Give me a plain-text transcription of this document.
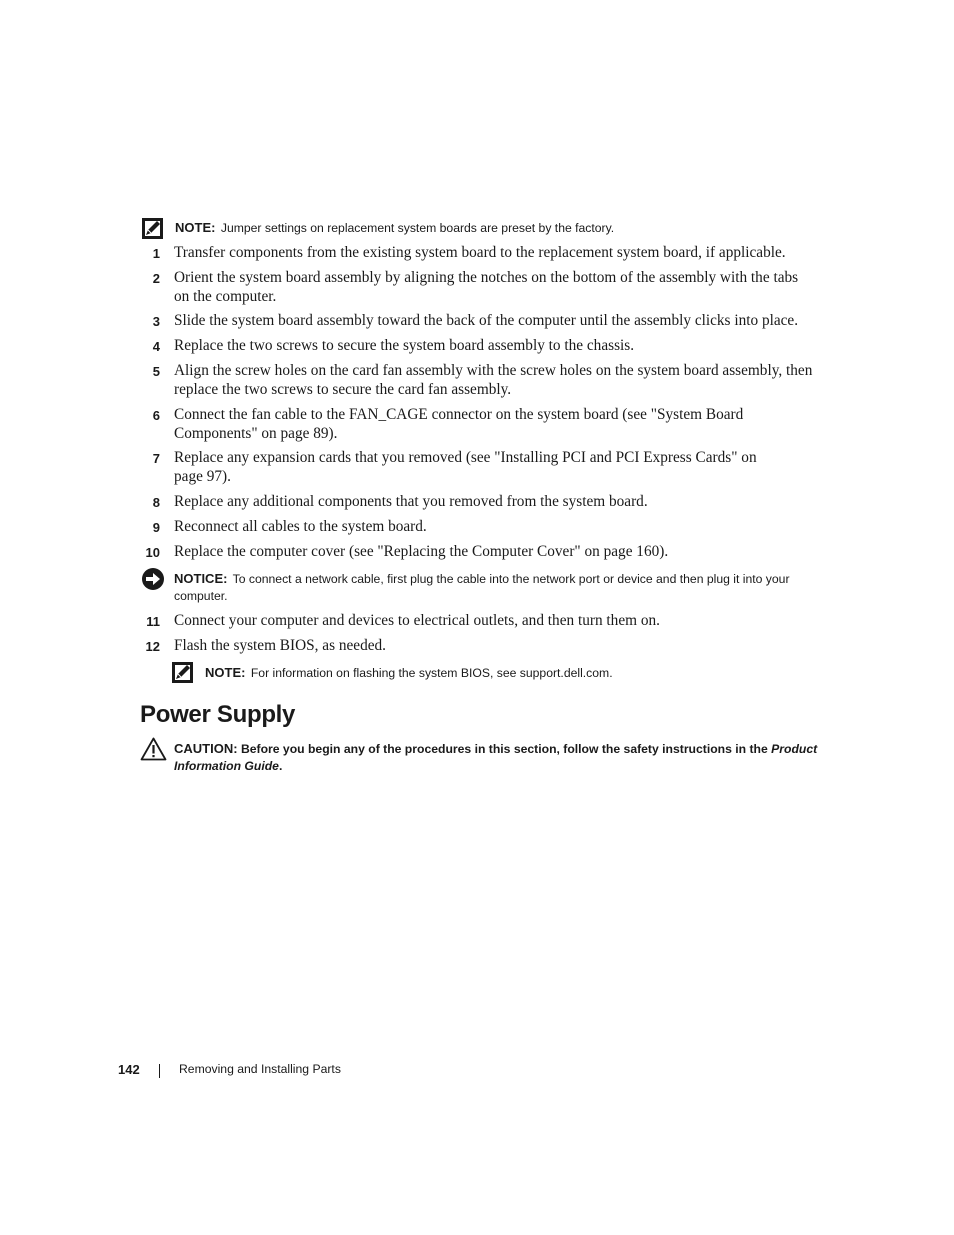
NOTE: Jumper settings on replacement system boards are preset by the factory.
1 Transfer components from the existing system board to the replacement system board, if applicable.
2 Orient the system board assembly by aligning the notches on the bottom of the assembly with the tabs on the computer.
3 Slide the system board assembly toward the back of the computer until the assembly clicks into place.
4 Replace the two screws to secure the system board assembly to the chassis.
5 Align the screw holes on the card fan assembly with the screw holes on the system board assembly, then replace the two screws to secure the card fan assembly.
6 Connect the fan cable to the FAN_CAGE connector on the system board (see "System Board Components" on page 89).
7 Replace any expansion cards that you removed (see "Installing PCI and PCI Express Cards" on page 97).
8 Replace any additional components that you removed from the system board.
9 Reconnect all cables to the system board.
10 Replace the computer cover (see "Replacing the Computer Cover" on page 160).
NOTICE: To connect a network cable, first plug the cable into the network port or device and then plug it into your computer.
11 Connect your computer and devices to electrical outlets, and then turn them on.
12 Flash the system BIOS, as needed.
NOTE: For information on flashing the system BIOS, see support.dell.com.
Power Supply
CAUTION: Before you begin any of the procedures in this section, follow the safety instructions in the Product Information Guide.
142	Removing and Installing Parts
